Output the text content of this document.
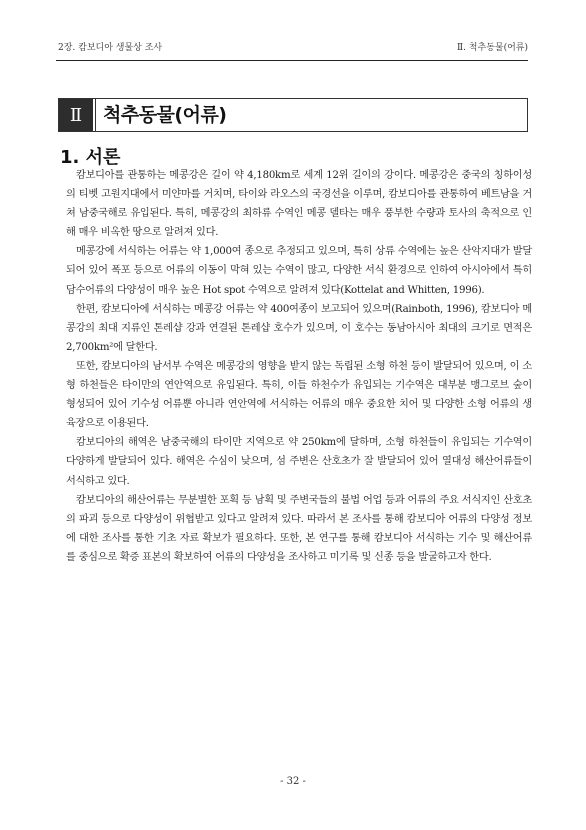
2장. 캄보디아 생물상 조사	Ⅱ. 척추동물(어류)
Ⅱ	척추동물(어류)
1. 서론

캄보디아를 관통하는 메콩강은 길이 약 4,180km로 세계 12위 길이의 강이다. 메콩강은 중국의 칭하이성의 티벳 고원지대에서 미얀마를 거치며, 타이와 라오스의 국경선을 이루며, 캄보디아를 관통하여 베트남을 거쳐 남중국해로 유입된다. 특히, 메콩강의 최하류 수역인 메콩 델타는 매우 풍부한 수량과 토사의 축적으로 인해 매우 비옥한 땅으로 알려져 있다.

메콩강에 서식하는 어류는 약 1,000여 종으로 추정되고 있으며, 특히 상류 수역에는 높은 산악지대가 발달되어 있어 폭포 등으로 어류의 이동이 막혀 있는 수역이 많고, 다양한 서식 환경으로 인하여 아시아에서 특히 담수어류의 다양성이 매우 높은 Hot spot 수역으로 알려져 있다(Kottelat and Whitten, 1996).

한편, 캄보디아에 서식하는 메콩강 어류는 약 400여종이 보고되어 있으며(Rainboth, 1996), 캄보디아 메콩강의 최대 지류인 톤레샵 강과 연결된 톤레샵 호수가 있으며, 이 호수는 동남아시아 최대의 크기로 면적은 2,700km²에 달한다.

또한, 캄보디아의 남서부 수역은 메콩강의 영향을 받지 않는 독립된 소형 하천 등이 발달되어 있으며, 이 소형 하천들은 타이만의 연안역으로 유입된다. 특히, 이들 하천수가 유입되는 기수역은 대부분 맹그로브 숲이 형성되어 있어 기수성 어류뿐 아니라 연안역에 서식하는 어류의 매우 중요한 치어 및 다양한 소형 어류의 생육장으로 이용된다.

캄보디아의 해역은 남중국해의 타이만 지역으로 약 250km에 달하며, 소형 하천들이 유입되는 기수역이 다양하게 발달되어 있다. 해역은 수심이 낮으며, 섬 주변은 산호초가 잘 발달되어 있어 열대성 해산어류들이 서식하고 있다.

캄보디아의 해산어류는 무분별한 포획 등 남획 및 주변국들의 불법 어업 등과 어류의 주요 서식지인 산호초의 파괴 등으로 다양성이 위협받고 있다고 알려져 있다. 따라서 본 조사를 통해 캄보디아 어류의 다양성 정보에 대한 조사를 통한 기초 자료 확보가 필요하다. 또한, 본 연구를 통해 캄보디아 서식하는 기수 및 해산어류를 중심으로 확증 표본의 확보하여 어류의 다양성을 조사하고 미기록 및 신종 등을 발굴하고자 한다.

- 32 -
